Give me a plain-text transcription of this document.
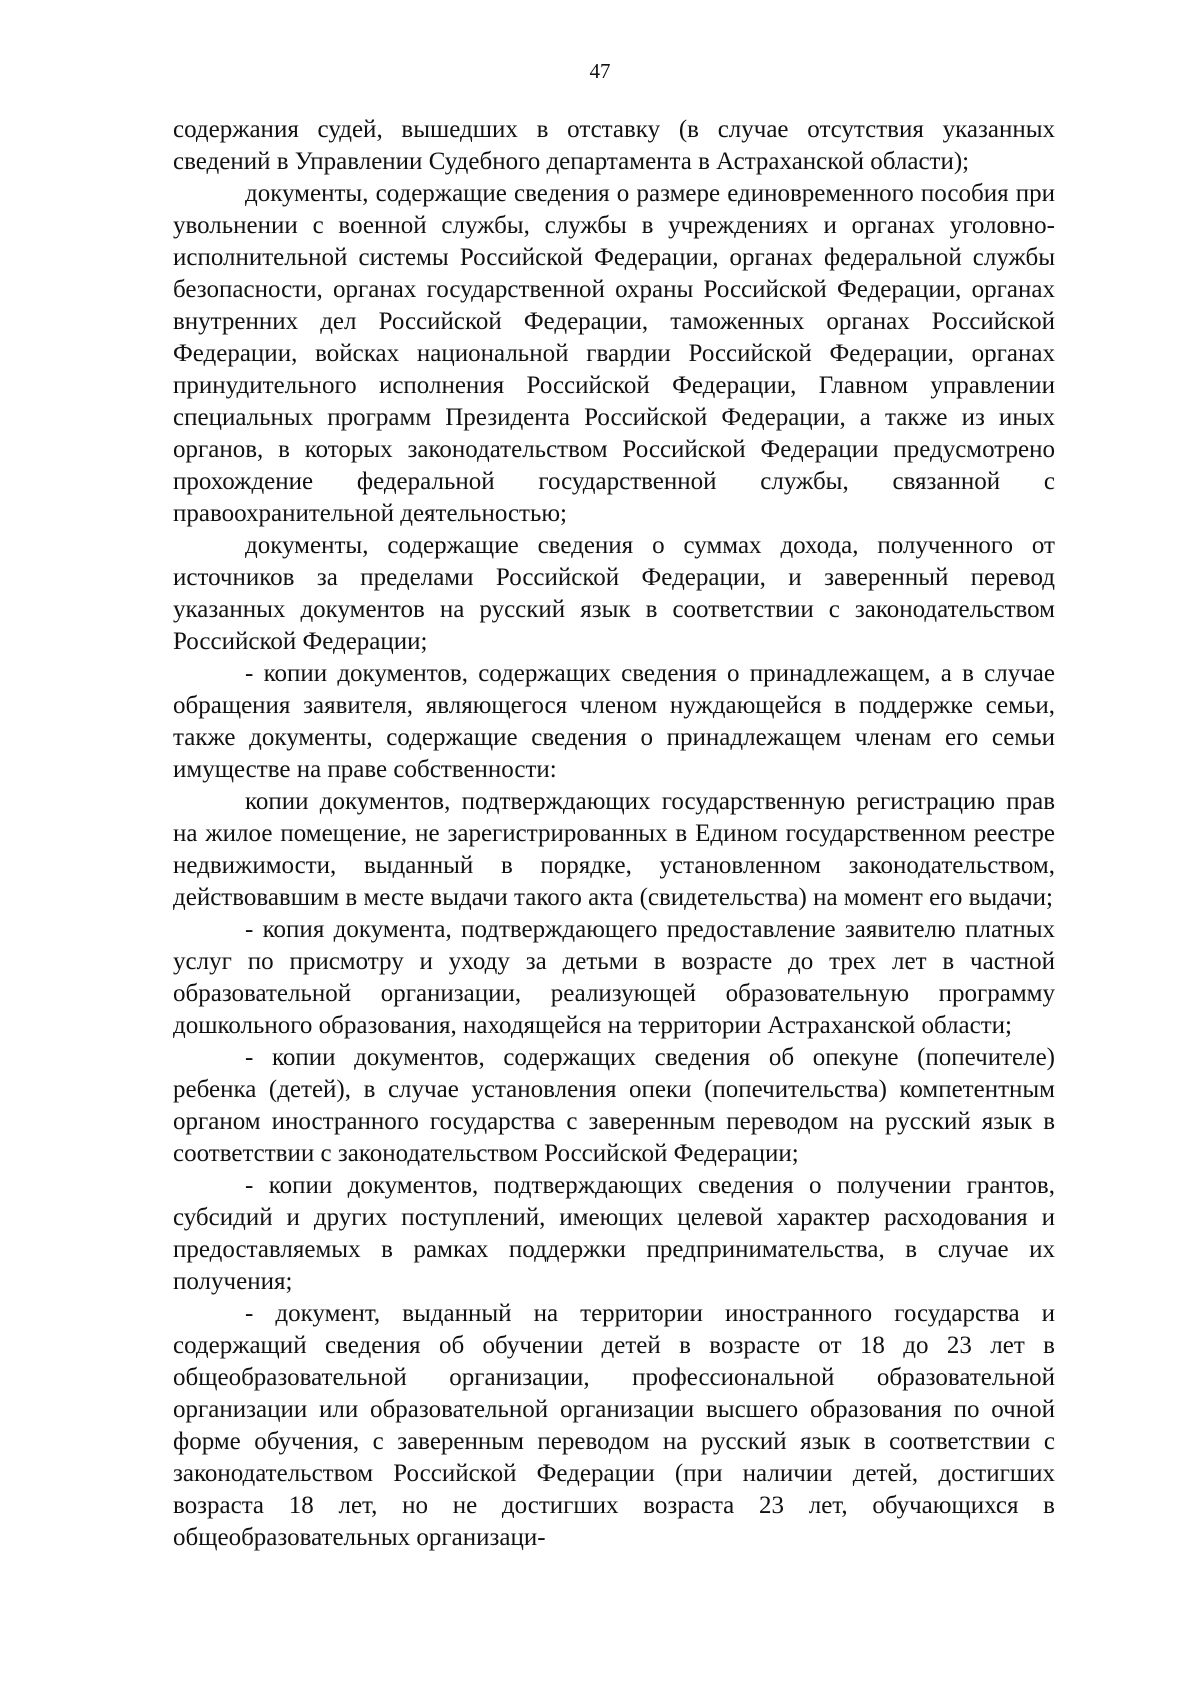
47

содержания судей, вышедших в отставку (в случае отсутствия указанных сведений в Управлении Судебного департамента в Астраханской области);

документы, содержащие сведения о размере единовременного пособия при увольнении с военной службы, службы в учреждениях и органах уголовно-исполнительной системы Российской Федерации, органах федеральной службы безопасности, органах государственной охраны Российской Федерации, органах внутренних дел Российской Федерации, таможенных органах Российской Федерации, войсках национальной гвардии Российской Федерации, органах принудительного исполнения Российской Федерации, Главном управлении специальных программ Президента Российской Федерации, а также из иных органов, в которых законодательством Российской Федерации предусмотрено прохождение федеральной государственной службы, связанной с правоохранительной деятельностью;

документы, содержащие сведения о суммах дохода, полученного от источников за пределами Российской Федерации, и заверенный перевод указанных документов на русский язык в соответствии с законодательством Российской Федерации;

- копии документов, содержащих сведения о принадлежащем, а в случае обращения заявителя, являющегося членом нуждающейся в поддержке семьи, также документы, содержащие сведения о принадлежащем членам его семьи имуществе на праве собственности:

копии документов, подтверждающих государственную регистрацию прав на жилое помещение, не зарегистрированных в Едином государственном реестре недвижимости, выданный в порядке, установленном законодательством, действовавшим в месте выдачи такого акта (свидетельства) на момент его выдачи;

- копия документа, подтверждающего предоставление заявителю платных услуг по присмотру и уходу за детьми в возрасте до трех лет в частной образовательной организации, реализующей образовательную программу дошкольного образования, находящейся на территории Астраханской области;

- копии документов, содержащих сведения об опекуне (попечителе) ребенка (детей), в случае установления опеки (попечительства) компетентным органом иностранного государства с заверенным переводом на русский язык в соответствии с законодательством Российской Федерации;

- копии документов, подтверждающих сведения о получении грантов, субсидий и других поступлений, имеющих целевой характер расходования и предоставляемых в рамках поддержки предпринимательства, в случае их получения;

- документ, выданный на территории иностранного государства и содержащий сведения об обучении детей в возрасте от 18 до 23 лет в общеобразовательной организации, профессиональной образовательной организации или образовательной организации высшего образования по очной форме обучения, с заверенным переводом на русский язык в соответствии с законодательством Российской Федерации (при наличии детей, достигших возраста 18 лет, но не достигших возраста 23 лет, обучающихся в общеобразовательных организаци-
